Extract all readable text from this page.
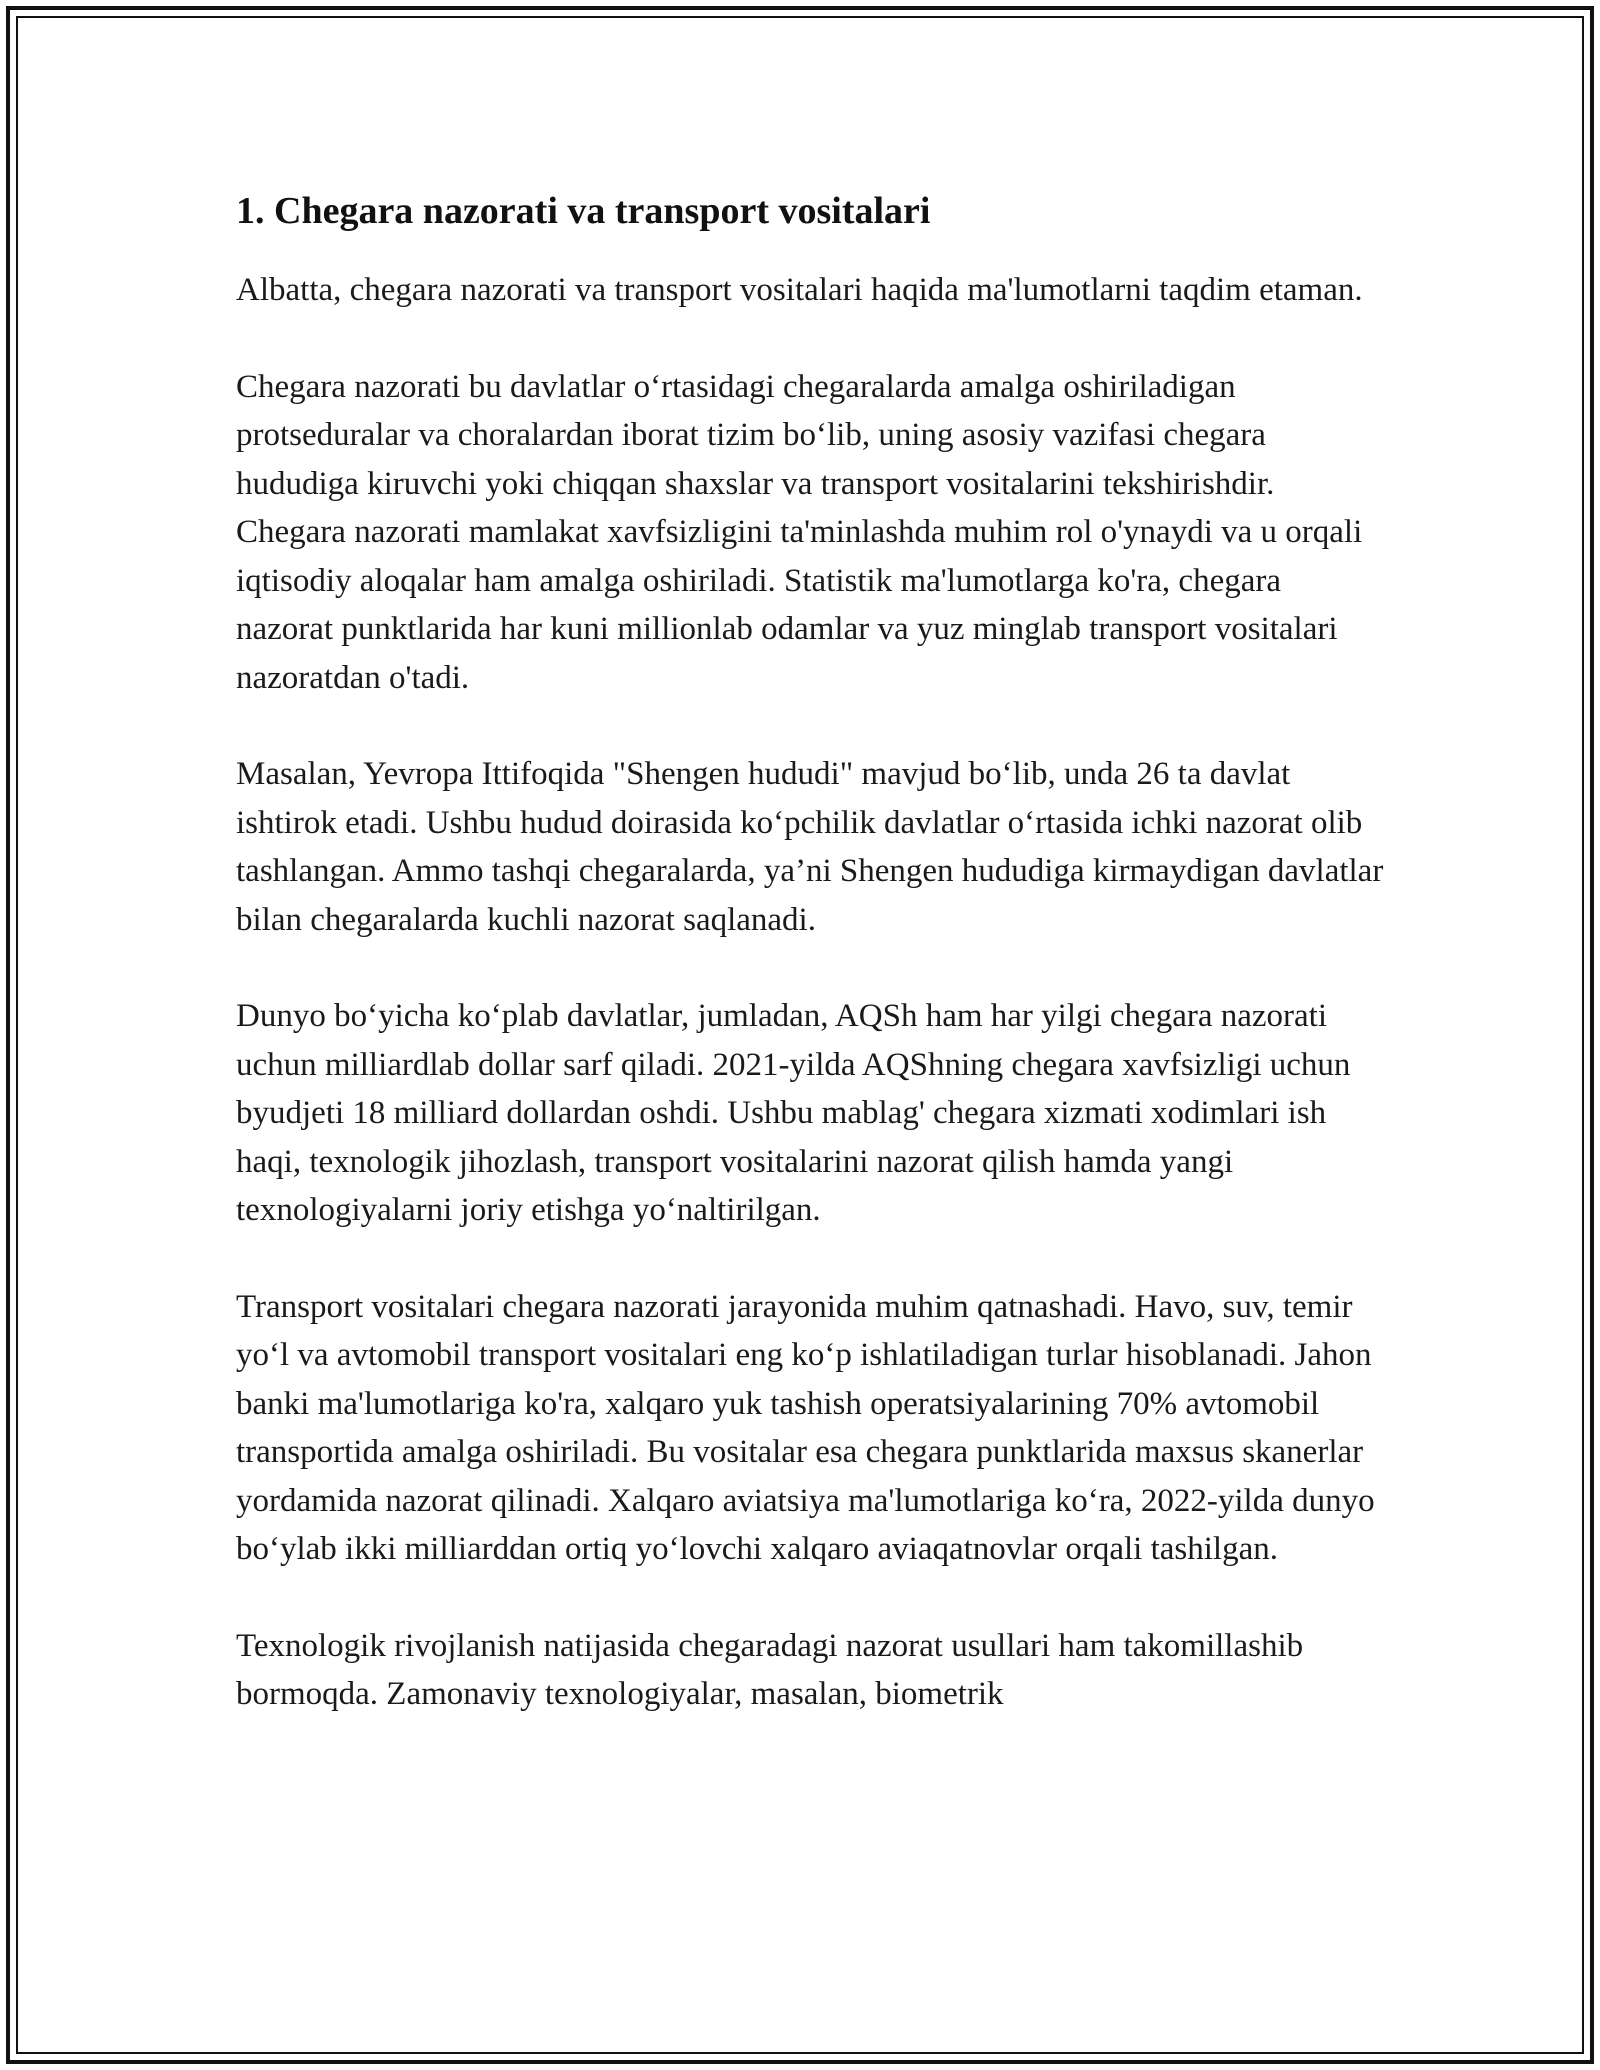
1. Chegara nazorati va transport vositalari

Albatta, chegara nazorati va transport vositalari haqida ma'lumotlarni taqdim etaman.

Chegara nazorati bu davlatlar o‘rtasidagi chegaralarda amalga oshiriladigan protseduralar va choralardan iborat tizim bo‘lib, uning asosiy vazifasi chegara hududiga kiruvchi yoki chiqqan shaxslar va transport vositalarini tekshirishdir. Chegara nazorati mamlakat xavfsizligini ta'minlashda muhim rol o'ynaydi va u orqali iqtisodiy aloqalar ham amalga oshiriladi. Statistik ma'lumotlarga ko'ra, chegara nazorat punktlarida har kuni millionlab odamlar va yuz minglab transport vositalari nazoratdan o'tadi.

Masalan, Yevropa Ittifoqida "Shengen hududi" mavjud bo‘lib, unda 26 ta davlat ishtirok etadi. Ushbu hudud doirasida ko‘pchilik davlatlar o‘rtasida ichki nazorat olib tashlangan. Ammo tashqi chegaralarda, ya’ni Shengen hududiga kirmaydigan davlatlar bilan chegaralarda kuchli nazorat saqlanadi.

Dunyo bo‘yicha ko‘plab davlatlar, jumladan, AQSh ham har yilgi chegara nazorati uchun milliardlab dollar sarf qiladi. 2021-yilda AQShning chegara xavfsizligi uchun byudjeti 18 milliard dollardan oshdi. Ushbu mablag' chegara xizmati xodimlari ish haqi, texnologik jihozlash, transport vositalarini nazorat qilish hamda yangi texnologiyalarni joriy etishga yo‘naltirilgan.

Transport vositalari chegara nazorati jarayonida muhim qatnashadi. Havo, suv, temir yo‘l va avtomobil transport vositalari eng ko‘p ishlatiladigan turlar hisoblanadi. Jahon banki ma'lumotlariga ko'ra, xalqaro yuk tashish operatsiyalarining 70% avtomobil transportida amalga oshiriladi. Bu vositalar esa chegara punktlarida maxsus skanerlar yordamida nazorat qilinadi. Xalqaro aviatsiya ma'lumotlariga ko‘ra, 2022-yilda dunyo bo‘ylab ikki milliarddan ortiq yo‘lovchi xalqaro aviaqatnovlar orqali tashilgan.

Texnologik rivojlanish natijasida chegaradagi nazorat usullari ham takomillashib bormoqda. Zamonaviy texnologiyalar, masalan, biometrik
